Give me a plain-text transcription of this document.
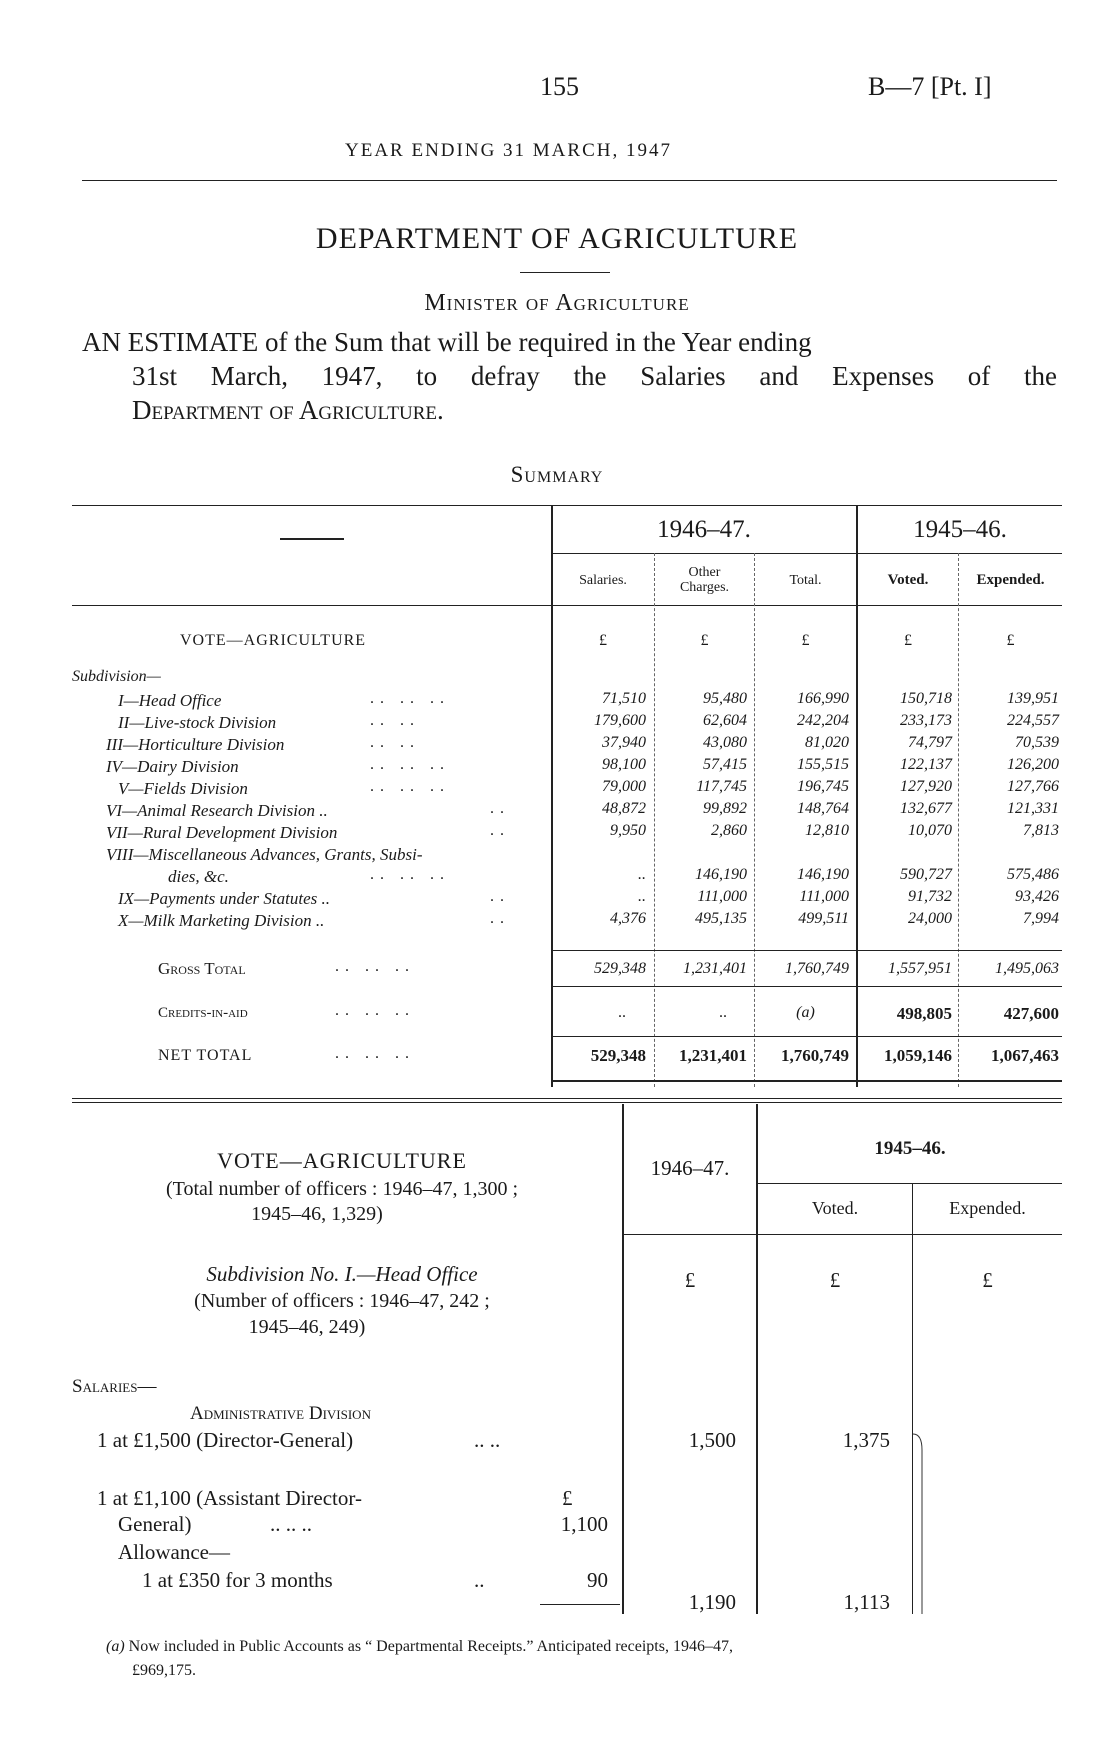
155	B—7 [Pt. I]
YEAR ENDING 31 MARCH, 1947
DEPARTMENT OF AGRICULTURE
Minister of Agriculture
AN ESTIMATE of the Sum that will be required in the Year ending
31st March, 1947, to defray the Salaries and Expenses of the
Department of Agriculture.
Summary
1946–47.	1945–46.
Salaries.
Other
Charges.	Total.	Voted.	Expended.
VOTE—AGRICULTURE	£	£	£	£	£
Subdivision—
I—Head Office	.. .. ..	71,510	95,480	166,990	150,718	139,951
II—Live-stock Division	.. ..	179,600	62,604	242,204	233,173	224,557
III—Horticulture Division	.. ..	37,940	43,080	81,020	74,797	70,539
IV—Dairy Division	.. .. ..	98,100	57,415	155,515	122,137	126,200
V—Fields Division	.. .. ..	79,000	117,745	196,745	127,920	127,766
VI—Animal Research Division ..	..	48,872	99,892	148,764	132,677	121,331
VII—Rural Development Division	..	9,950	2,860	12,810	10,070	7,813
VIII—Miscellaneous Advances, Grants, Subsi-
dies, &c.	.. .. ..	..	146,190	146,190	590,727	575,486
IX—Payments under Statutes ..	..	..	111,000	111,000	91,732	93,426
X—Milk Marketing Division ..	..	4,376	495,135	499,511	24,000	7,994
Gross Total	.. .. ..	529,348	1,231,401	1,760,749	1,557,951	1,495,063
Credits-in-aid	.. .. ..	..	..	(a)	498,805	427,600
NET TOTAL	.. .. ..	529,348	1,231,401	1,760,749	1,059,146	1,067,463
VOTE—AGRICULTURE
(Total number of officers : 1946–47, 1,300 ;
1945–46, 1,329)
1946–47.
1945–46.
Voted.	Expended.
Subdivision No. I.—Head Office
(Number of officers : 1946–47, 242 ;
1945–46, 249)
£	£	£
Salaries—
Administrative Division
1 at £1,500 (Director-General)	.. ..	1,500	1,375
1 at £1,100 (Assistant Director-	£
General)	.. .. ..	1,100
Allowance—
1 at £350 for 3 months	..	90
1,190	1,113
(a) Now included in Public Accounts as “ Departmental Receipts.” Anticipated receipts, 1946–47,
£969,175.
